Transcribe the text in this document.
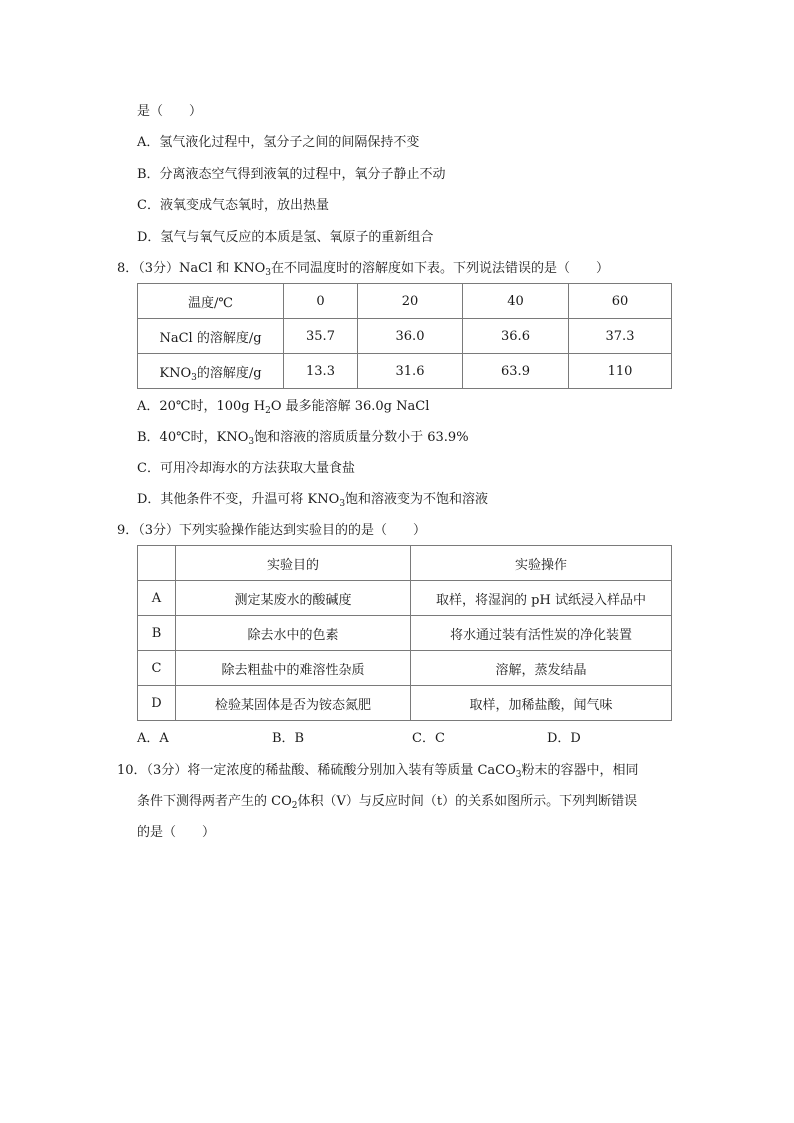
是（　　）
A．氢气液化过程中，氢分子之间的间隔保持不变
B．分离液态空气得到液氧的过程中，氧分子静止不动
C．液氧变成气态氧时，放出热量
D．氢气与氧气反应的本质是氢、氧原子的重新组合
8．（3分）NaCl 和 $KNO_3$在不同温度时的溶解度如下表。下列说法错误的是（　　）
温度/℃	0	20	40	60
NaCl 的溶解度/g	35.7	36.0	36.6	37.3
$KNO_3$的溶解度/g	13.3	31.6	63.9	110
A．20℃时，100g $H_2O$ 最多能溶解 36.0g NaCl
B．40℃时，$KNO_3$饱和溶液的溶质质量分数小于 63.9%
C．可用冷却海水的方法获取大量食盐
D．其他条件不变，升温可将 $KNO_3$饱和溶液变为不饱和溶液
9．（3分）下列实验操作能达到实验目的的是（　　）
	实验目的	实验操作
A	测定某废水的酸碱度	取样，将湿润的 pH 试纸浸入样品中
B	除去水中的色素	将水通过装有活性炭的净化装置
C	除去粗盐中的难溶性杂质	溶解，蒸发结晶
D	检验某固体是否为铵态氮肥	取样，加稀盐酸，闻气味
A．A	B．B	C．C	D．D
10．（3分）将一定浓度的稀盐酸、稀硫酸分别加入装有等质量 CaCO$_3$粉末的容器中，相同
条件下测得两者产生的 $CO_2$体积（V）与反应时间（t）的关系如图所示。下列判断错误
的是（　　）
